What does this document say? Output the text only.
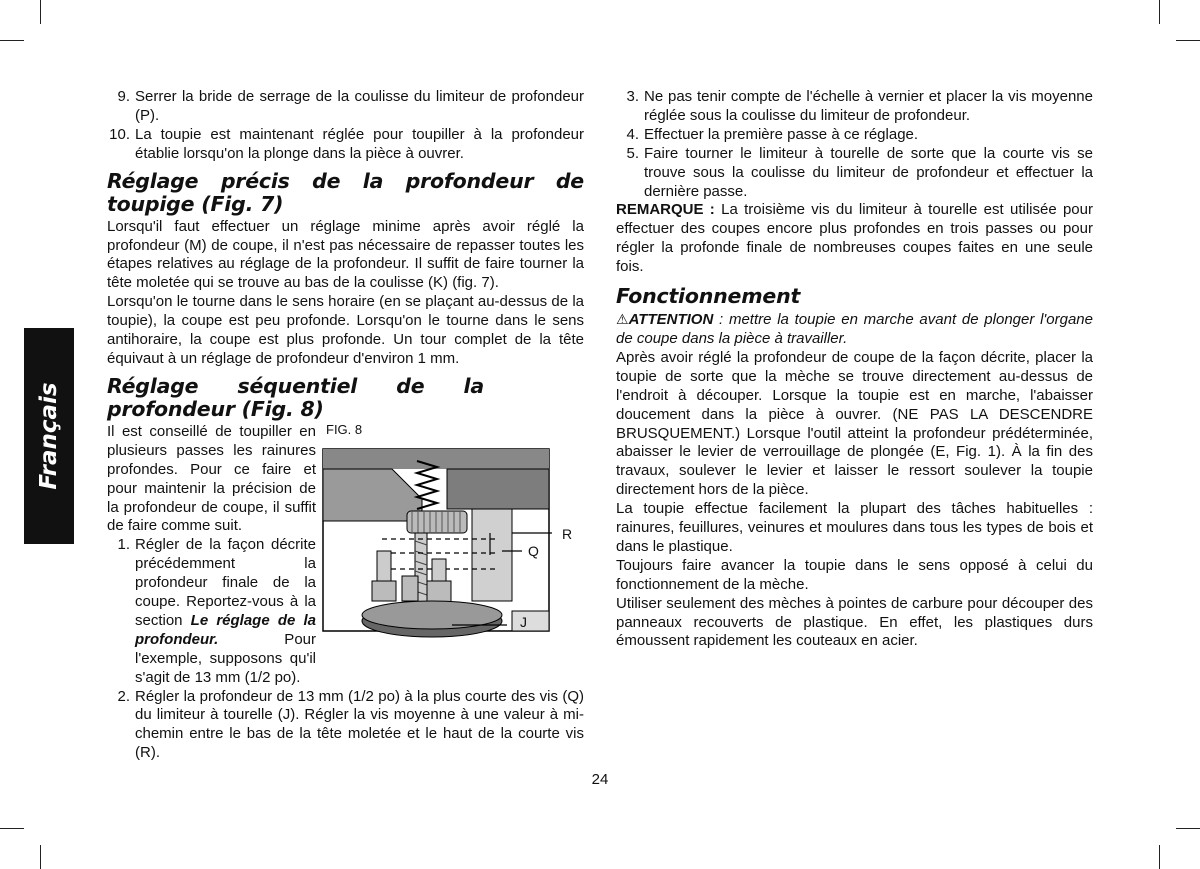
Français
9. Serrer la bride de serrage de la coulisse du limiteur de profondeur (P).
10. La toupie est maintenant réglée pour toupiller à la profondeur établie lorsqu'on la plonge dans la pièce à ouvrer.
Réglage précis de la profondeur de toupige (Fig. 7)

Lorsqu'il faut effectuer un réglage minime après avoir réglé la profondeur (M) de coupe, il n'est pas nécessaire de repasser toutes les étapes relatives au réglage de la profondeur. Il suffit de faire tourner la tête moletée qui se trouve au bas de la coulisse (K) (fig. 7).

Lorsqu'on le tourne dans le sens horaire (en se plaçant au-dessus de la toupie), la coupe est peu profonde. Lorsqu'on le tourne dans le sens antihoraire, la coupe est plus profonde. Un tour complet de la tête équivaut à un réglage de profondeur d'environ 1 mm.

Réglage séquentiel de la profondeur (Fig. 8)
FIG. 8
R
Q
J

Il est conseillé de toupiller en plusieurs passes les rainures profondes. Pour ce faire et pour maintenir la précision de la profondeur de coupe, il suffit de faire comme suit.

1. Régler de la façon décrite précédemment la profondeur finale de la coupe. Reportez-vous à la section Le réglage de la profondeur. Pour l'exemple, supposons qu'il s'agit de 13 mm (1/2 po).
2. Régler la profondeur de 13 mm (1/2 po) à la plus courte des vis (Q) du limiteur à tourelle (J). Régler la vis moyenne à une valeur à mi-chemin entre le bas de la tête moletée et le haut de la courte vis (R).
3. Ne pas tenir compte de l'échelle à vernier et placer la vis moyenne réglée sous la coulisse du limiteur de profondeur.
4. Effectuer la première passe à ce réglage.
5. Faire tourner le limiteur à tourelle de sorte que la courte vis se trouve sous la coulisse du limiteur de profondeur et effectuer la dernière passe.

REMARQUE : La troisième vis du limiteur à tourelle est utilisée pour effectuer des coupes encore plus profondes en trois passes ou pour régler la profonde finale de nombreuses coupes faites en une seule fois.

Fonctionnement

⚠ATTENTION : mettre la toupie en marche avant de plonger l'organe de coupe dans la pièce à travailler.

Après avoir réglé la profondeur de coupe de la façon décrite, placer la toupie de sorte que la mèche se trouve directement au-dessus de l'endroit à découper. Lorsque la toupie est en marche, l'abaisser doucement dans la pièce à ouvrer. (NE PAS LA DESCENDRE BRUSQUEMENT.) Lorsque l'outil atteint la profondeur prédéterminée, abaisser le levier de verrouillage de plongée (E, Fig. 1). À la fin des travaux, soulever le levier et laisser le ressort soulever la toupie directement hors de la pièce.

La toupie effectue facilement la plupart des tâches habituelles : rainures, feuillures, veinures et moulures dans tous les types de bois et dans le plastique.

Toujours faire avancer la toupie dans le sens opposé à celui du fonctionnement de la mèche.

Utiliser seulement des mèches à pointes de carbure pour découper des panneaux recouverts de plastique. En effet, les plastiques durs émoussent rapidement les couteaux en acier.

24
